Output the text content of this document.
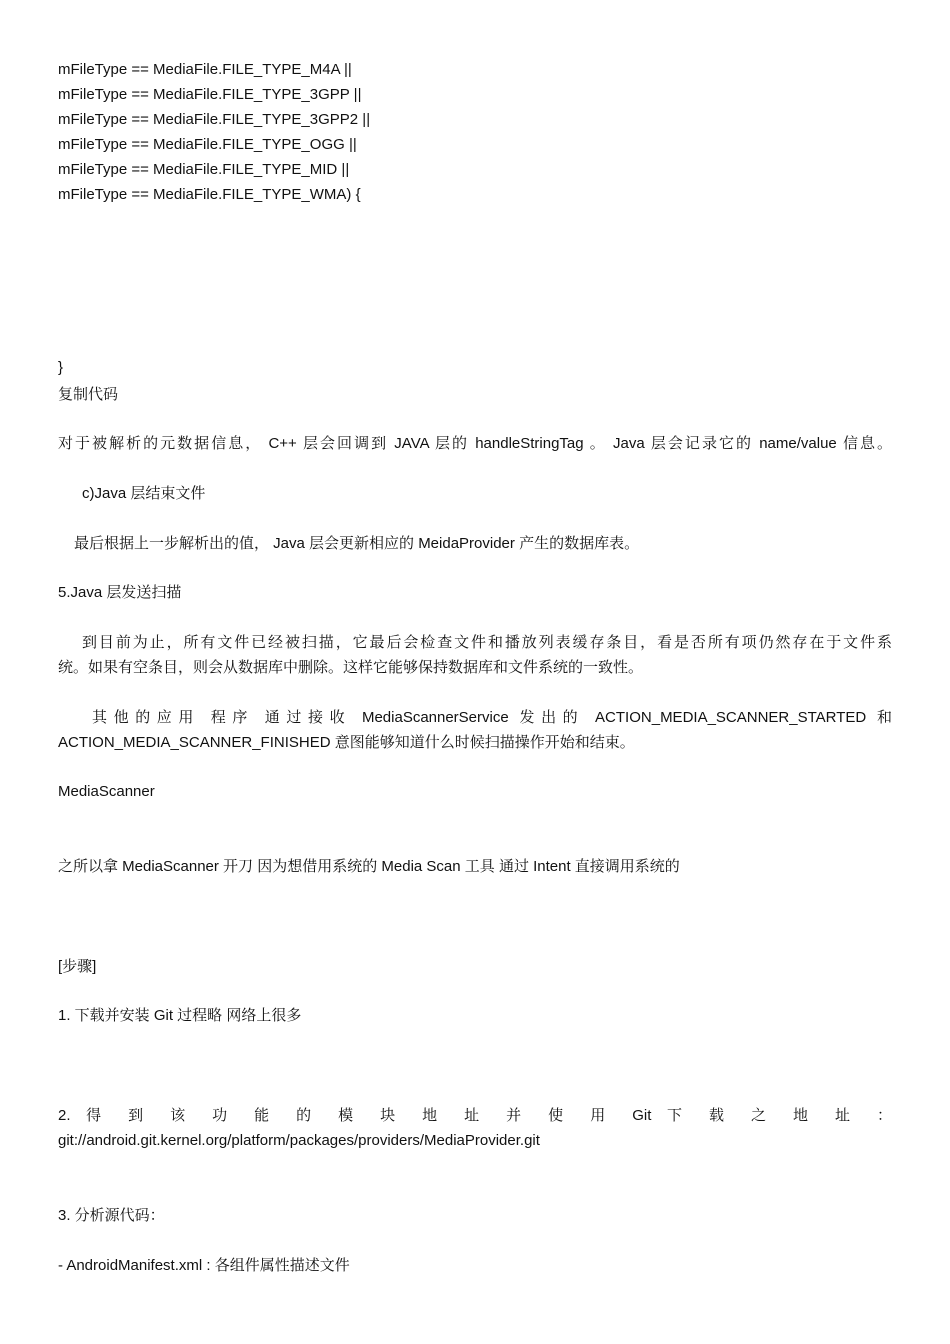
mFileType == MediaFile.FILE_TYPE_M4A ||
mFileType == MediaFile.FILE_TYPE_3GPP ||
mFileType == MediaFile.FILE_TYPE_3GPP2 ||
mFileType == MediaFile.FILE_TYPE_OGG ||
mFileType == MediaFile.FILE_TYPE_MID ||
mFileType == MediaFile.FILE_TYPE_WMA) {
}
复制代码
对于被解析的元数据信息， C++ 层会回调到 JAVA 层的 handleStringTag 。 Java 层会记录它的 name/value 信息。
c)Java 层结束文件
最后根据上一步解析出的值， Java 层会更新相应的 MeidaProvider 产生的数据库表。
5.Java 层发送扫描
到目前为止，所有文件已经被扫描，它最后会检查文件和播放列表缓存条目，看是否所有项仍然存在于文件系
统。如果有空条目，则会从数据库中删除。这样它能够保持数据库和文件系统的一致性。
其他的应用 程序 通过接收 MediaScannerService 发出的 ACTION_MEDIA_SCANNER_STARTED 和
ACTION_MEDIA_SCANNER_FINISHED 意图能够知道什么时候扫描操作开始和结束。
MediaScanner
之所以拿 MediaScanner 开刀 因为想借用系统的 Media Scan 工具 通过 Intent 直接调用系统的
[步骤]
1. 下载并安装 Git 过程略 网络上很多
2. 得 到 该 功 能 的 模 块 地 址 并 使 用 Git 下 载 之 地 址 ：
git://android.git.kernel.org/platform/packages/providers/MediaProvider.git
3. 分析源代码：
- AndroidManifest.xml : 各组件属性描述文件
